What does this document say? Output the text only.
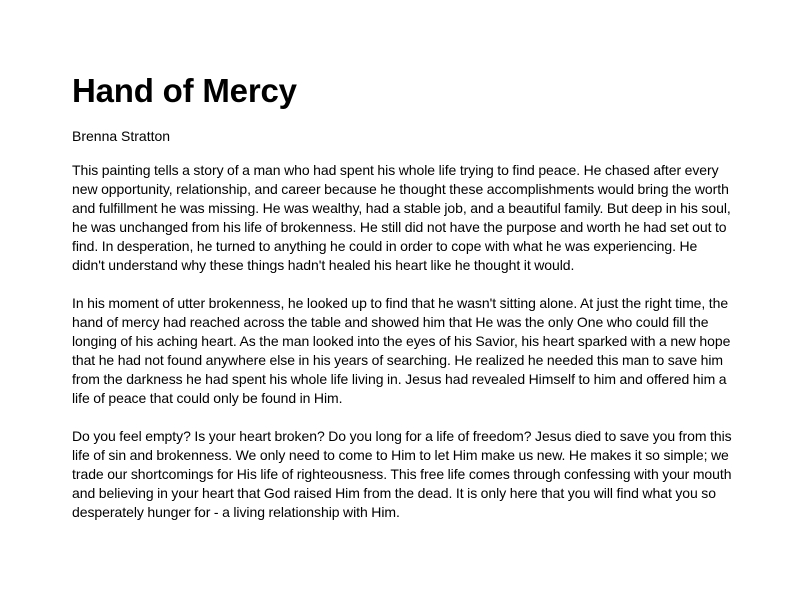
Hand of Mercy

Brenna Stratton

This painting tells a story of a man who had spent his whole life trying to find peace. He chased after every new opportunity, relationship, and career because he thought these accomplishments would bring the worth and fulfillment he was missing. He was wealthy, had a stable job, and a beautiful family. But deep in his soul, he was unchanged from his life of brokenness. He still did not have the purpose and worth he had set out to find. In desperation, he turned to anything he could in order to cope with what he was experiencing. He didn't understand why these things hadn't healed his heart like he thought it would.

In his moment of utter brokenness, he looked up to find that he wasn't sitting alone. At just the right time, the hand of mercy had reached across the table and showed him that He was the only One who could fill the longing of his aching heart. As the man looked into the eyes of his Savior, his heart sparked with a new hope that he had not found anywhere else in his years of searching. He realized he needed this man to save him from the darkness he had spent his whole life living in. Jesus had revealed Himself to him and offered him a life of peace that could only be found in Him.

Do you feel empty? Is your heart broken? Do you long for a life of freedom? Jesus died to save you from this life of sin and brokenness. We only need to come to Him to let Him make us new. He makes it so simple; we trade our shortcomings for His life of righteousness. This free life comes through confessing with your mouth and believing in your heart that God raised Him from the dead. It is only here that you will find what you so desperately hunger for - a living relationship with Him.
